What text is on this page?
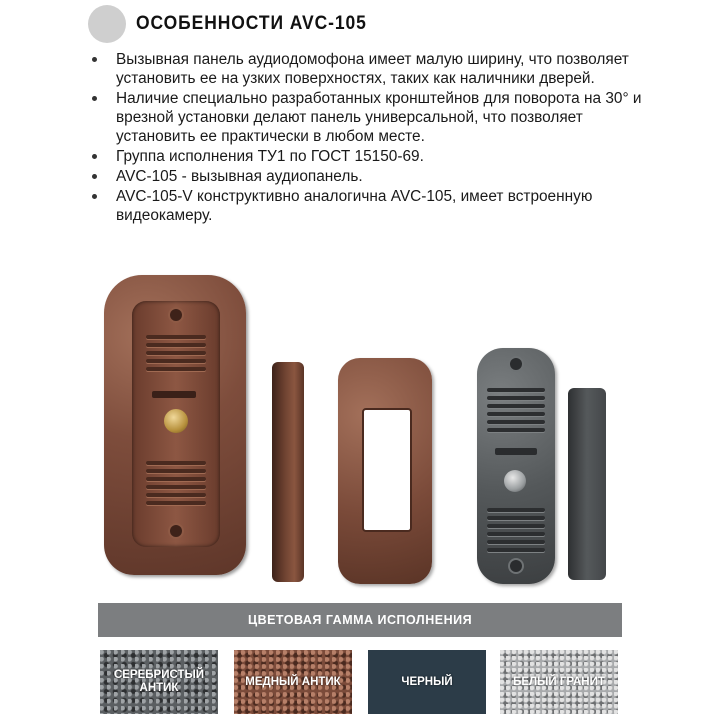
ОСОБЕННОСТИ AVC-105
Вызывная панель аудиодомофона имеет малую ширину, что позволяет установить ее на узких поверхностях, таких как наличники дверей.
Наличие специально разработанных кронштейнов для поворота на 30° и врезной установки делают панель универсальной, что позволяет установить ее практически в любом месте.
Группа исполнения ТУ1 по ГОСТ 15150-69.
AVC-105 - вызывная аудиопанель.
AVC-105-V конструктивно аналогична AVC-105, имеет встроенную видеокамеру.
ЦВЕТОВАЯ ГАММА ИСПОЛНЕНИЯ
СЕРЕБРИСТЫЙ АНТИК
МЕДНЫЙ АНТИК	ЧЕРНЫЙ	БЕЛЫЙ ГРАНИТ
